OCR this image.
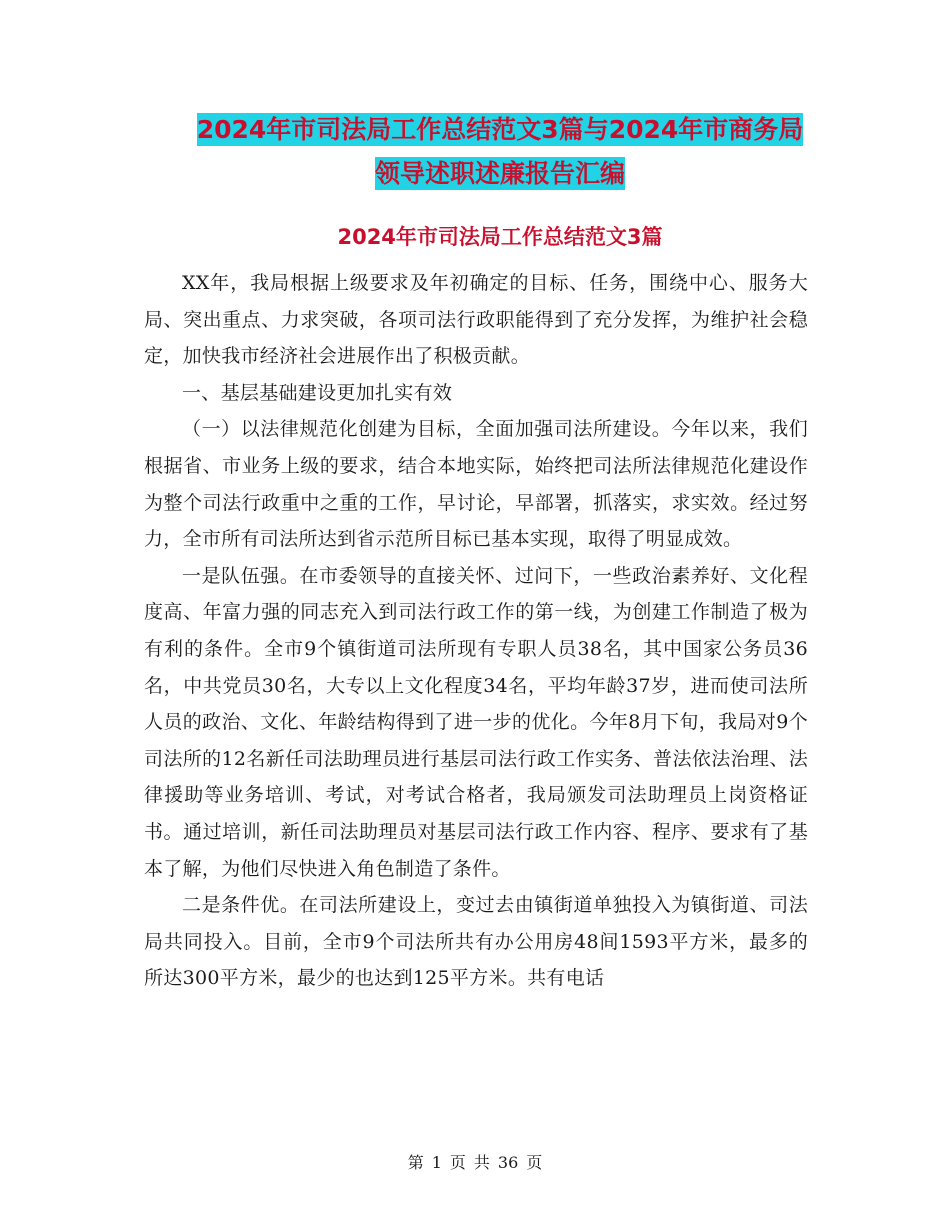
2024年市司法局工作总结范文3篇与2024年市商务局
领导述职述廉报告汇编
2024年市司法局工作总结范文3篇

XX年，我局根据上级要求及年初确定的目标、任务，围绕中心、服务大局、突出重点、力求突破，各项司法行政职能得到了充分发挥，为维护社会稳定，加快我市经济社会进展作出了积极贡献。

一、基层基础建设更加扎实有效

（一）以法律规范化创建为目标，全面加强司法所建设。今年以来，我们根据省、市业务上级的要求，结合本地实际，始终把司法所法律规范化建设作为整个司法行政重中之重的工作，早讨论，早部署，抓落实，求实效。经过努力，全市所有司法所达到省示范所目标已基本实现，取得了明显成效。

一是队伍强。在市委领导的直接关怀、过问下，一些政治素养好、文化程度高、年富力强的同志充入到司法行政工作的第一线，为创建工作制造了极为有利的条件。全市9个镇街道司法所现有专职人员38名，其中国家公务员36名，中共党员30名，大专以上文化程度34名，平均年龄37岁，进而使司法所人员的政治、文化、年龄结构得到了进一步的优化。今年8月下旬，我局对9个司法所的12名新任司法助理员进行基层司法行政工作实务、普法依法治理、法律援助等业务培训、考试，对考试合格者，我局颁发司法助理员上岗资格证书。通过培训，新任司法助理员对基层司法行政工作内容、程序、要求有了基本了解，为他们尽快进入角色制造了条件。

二是条件优。在司法所建设上，变过去由镇街道单独投入为镇街道、司法局共同投入。目前，全市9个司法所共有办公用房48间1593平方米，最多的所达300平方米，最少的也达到125平方米。共有电话

第 1 页 共 36 页
